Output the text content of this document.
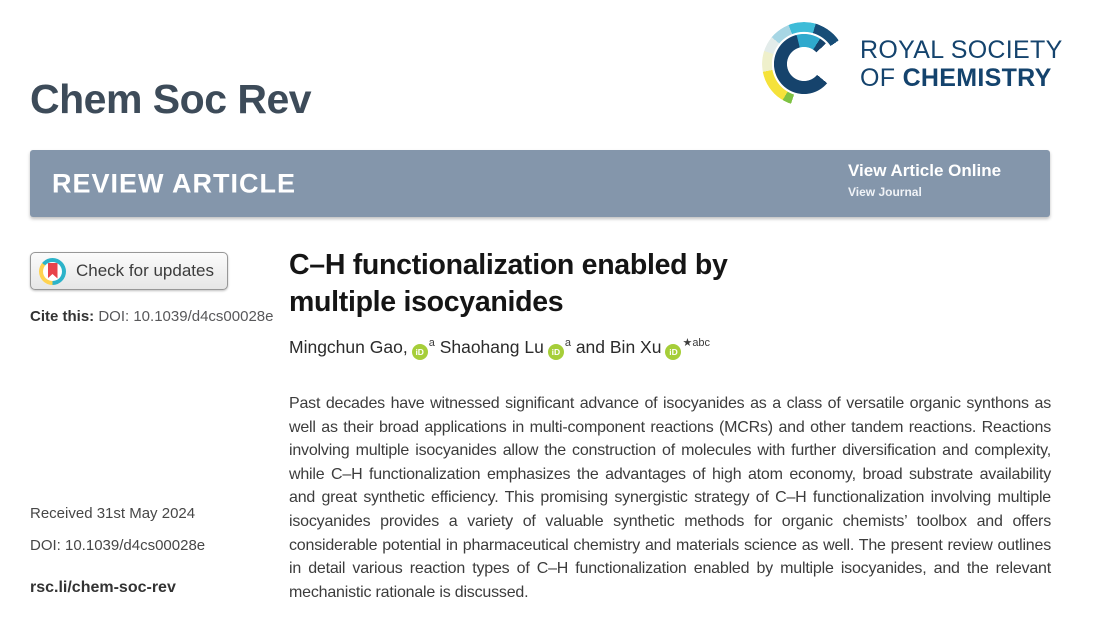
ROYAL SOCIETY
OF CHEMISTRY
Chem Soc Rev
REVIEW ARTICLE	View Article Online
View Journal
Check for updates
Cite this: DOI: 10.1039/d4cs00028e
Received 31st May 2024
DOI: 10.1039/d4cs00028e
rsc.li/chem-soc-rev
C–H functionalization enabled by
multiple isocyanides
Mingchun Gao, $iD^a$ Shaohang Lu $iD^a$ and Bin Xu $iD^{★abc}$

Past decades have witnessed significant advance of isocyanides as a class of versatile organic synthons as well as their broad applications in multi-component reactions (MCRs) and other tandem reactions. Reactions involving multiple isocyanides allow the construction of molecules with further diversification and complexity, while C–H functionalization emphasizes the advantages of high atom economy, broad substrate availability and great synthetic efficiency. This promising synergistic strategy of C–H functionalization involving multiple isocyanides provides a variety of valuable synthetic methods for organic chemists’ toolbox and offers considerable potential in pharmaceutical chemistry and materials science as well. The present review outlines in detail various reaction types of C–H functionalization enabled by multiple isocyanides, and the relevant mechanistic rationale is discussed.
